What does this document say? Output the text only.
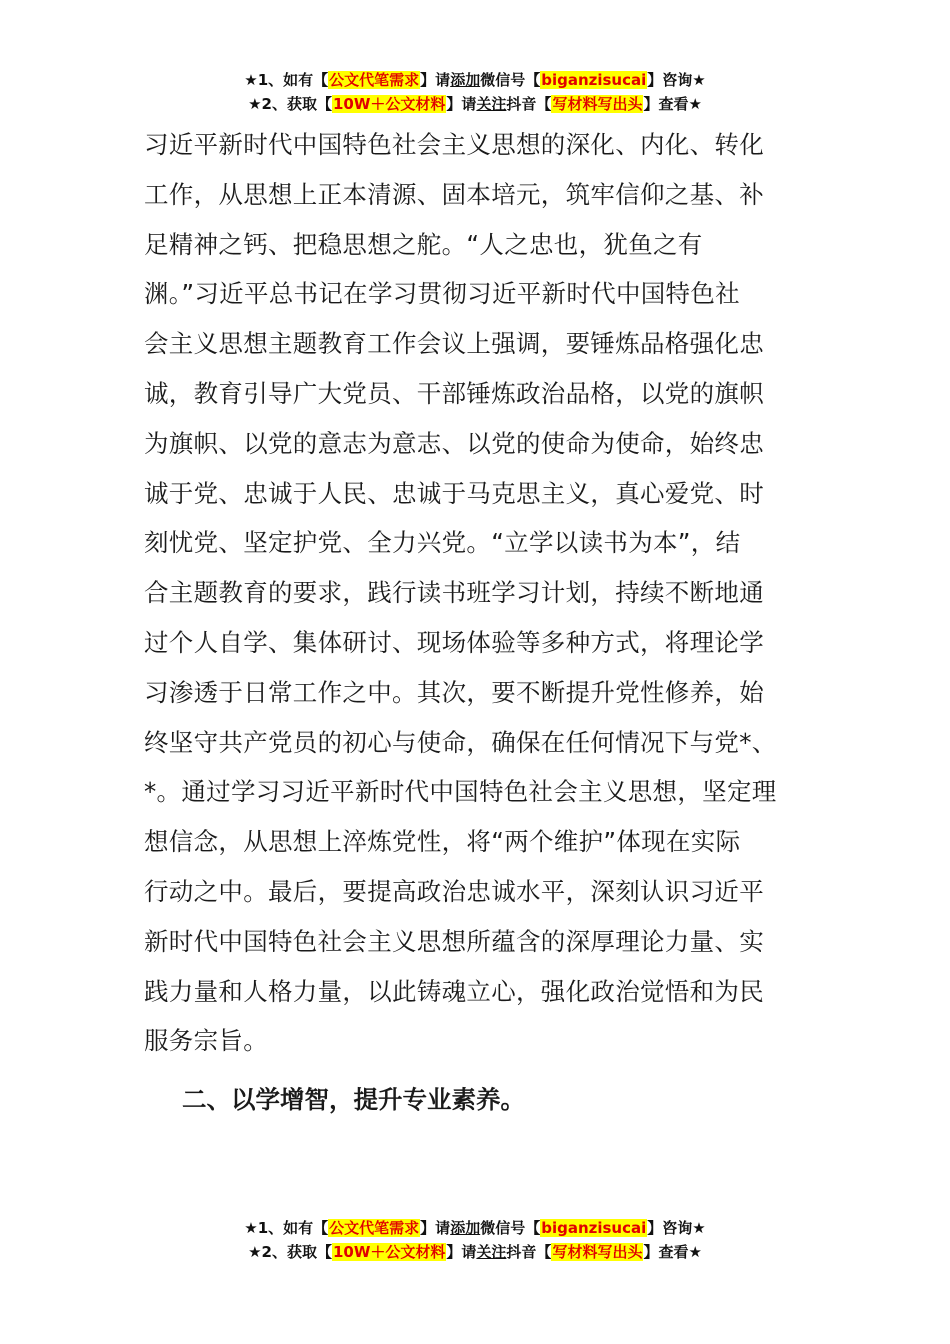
★1、如有【公文代笔需求】请添加微信号【biganzisucai】咨询★
★2、获取【10W＋公文材料】请关注抖音【写材料写出头】查看★
习近平新时代中国特色社会主义思想的深化、内化、转化
工作，从思想上正本清源、固本培元，筑牢信仰之基、补
足精神之钙、把稳思想之舵。“人之忠也，犹鱼之有
渊。”习近平总书记在学习贯彻习近平新时代中国特色社
会主义思想主题教育工作会议上强调，要锤炼品格强化忠
诚，教育引导广大党员、干部锤炼政治品格，以党的旗帜
为旗帜、以党的意志为意志、以党的使命为使命，始终忠
诚于党、忠诚于人民、忠诚于马克思主义，真心爱党、时
刻忧党、坚定护党、全力兴党。“立学以读书为本”，结
合主题教育的要求，践行读书班学习计划，持续不断地通
过个人自学、集体研讨、现场体验等多种方式，将理论学
习渗透于日常工作之中。其次，要不断提升党性修养，始
终坚守共产党员的初心与使命，确保在任何情况下与党*、
*。通过学习习近平新时代中国特色社会主义思想，坚定理
想信念，从思想上淬炼党性，将“两个维护”体现在实际
行动之中。最后，要提高政治忠诚水平，深刻认识习近平
新时代中国特色社会主义思想所蕴含的深厚理论力量、实
践力量和人格力量，以此铸魂立心，强化政治觉悟和为民
服务宗旨。
二、以学增智，提升专业素养。
★1、如有【公文代笔需求】请添加微信号【biganzisucai】咨询★
★2、获取【10W＋公文材料】请关注抖音【写材料写出头】查看★
